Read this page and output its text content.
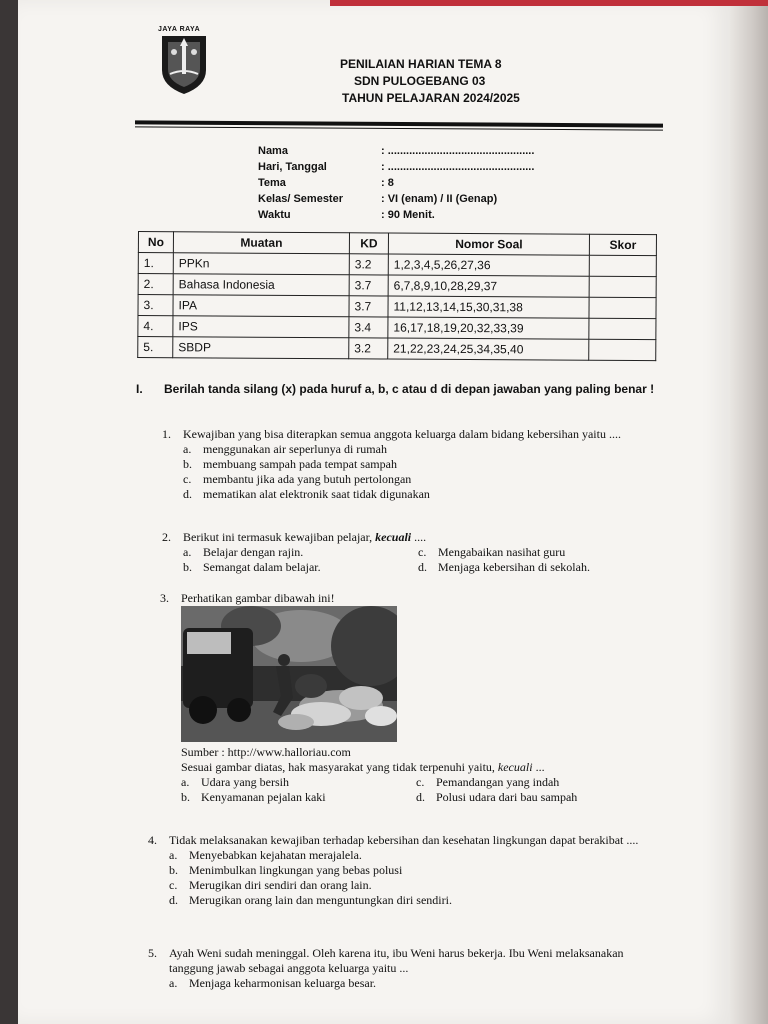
JAYA RAYA
PENILAIAN HARIAN TEMA 8
SDN PULOGEBANG 03
TAHUN PELAJARAN 2024/2025
Nama	: ................................................
Hari, Tanggal	: ................................................
Tema	: 8
Kelas/ Semester	: VI (enam) / II (Genap)
Waktu	: 90 Menit.
No	Muatan	KD	Nomor Soal	Skor
1.	PPKn	3.2	1,2,3,4,5,26,27,36	
2.	Bahasa Indonesia	3.7	6,7,8,9,10,28,29,37	
3.	IPA	3.7	11,12,13,14,15,30,31,38	
4.	IPS	3.4	16,17,18,19,20,32,33,39	
5.	SBDP	3.2	21,22,23,24,25,34,35,40	
I. Berilah tanda silang (x) pada huruf a, b, c atau d di depan jawaban yang paling benar !
1. Kewajiban yang bisa diterapkan semua anggota keluarga dalam bidang kebersihan yaitu ....
a. menggunakan air seperlunya di rumah
b. membuang sampah pada tempat sampah
c. membantu jika ada yang butuh pertolongan
d. mematikan alat elektronik saat tidak digunakan
2. Berikut ini termasuk kewajiban pelajar, kecuali ....
a. Belajar dengan rajin.	c. Mengabaikan nasihat guru
b. Semangat dalam belajar.	d. Menjaga kebersihan di sekolah.
3. Perhatikan gambar dibawah ini!
Sumber : http://www.halloriau.com
Sesuai gambar diatas, hak masyarakat yang tidak terpenuhi yaitu, kecuali ...
a. Udara yang bersih	c. Pemandangan yang indah
b. Kenyamanan pejalan kaki	d. Polusi udara dari bau sampah
4. Tidak melaksanakan kewajiban terhadap kebersihan dan kesehatan lingkungan dapat berakibat ....
a. Menyebabkan kejahatan merajalela.
b. Menimbulkan lingkungan yang bebas polusi
c. Merugikan diri sendiri dan orang lain.
d. Merugikan orang lain dan menguntungkan diri sendiri.
5. Ayah Weni sudah meninggal. Oleh karena itu, ibu Weni harus bekerja. Ibu Weni melaksanakan tanggung jawab sebagai anggota keluarga yaitu ...
a. Menjaga keharmonisan keluarga besar.
